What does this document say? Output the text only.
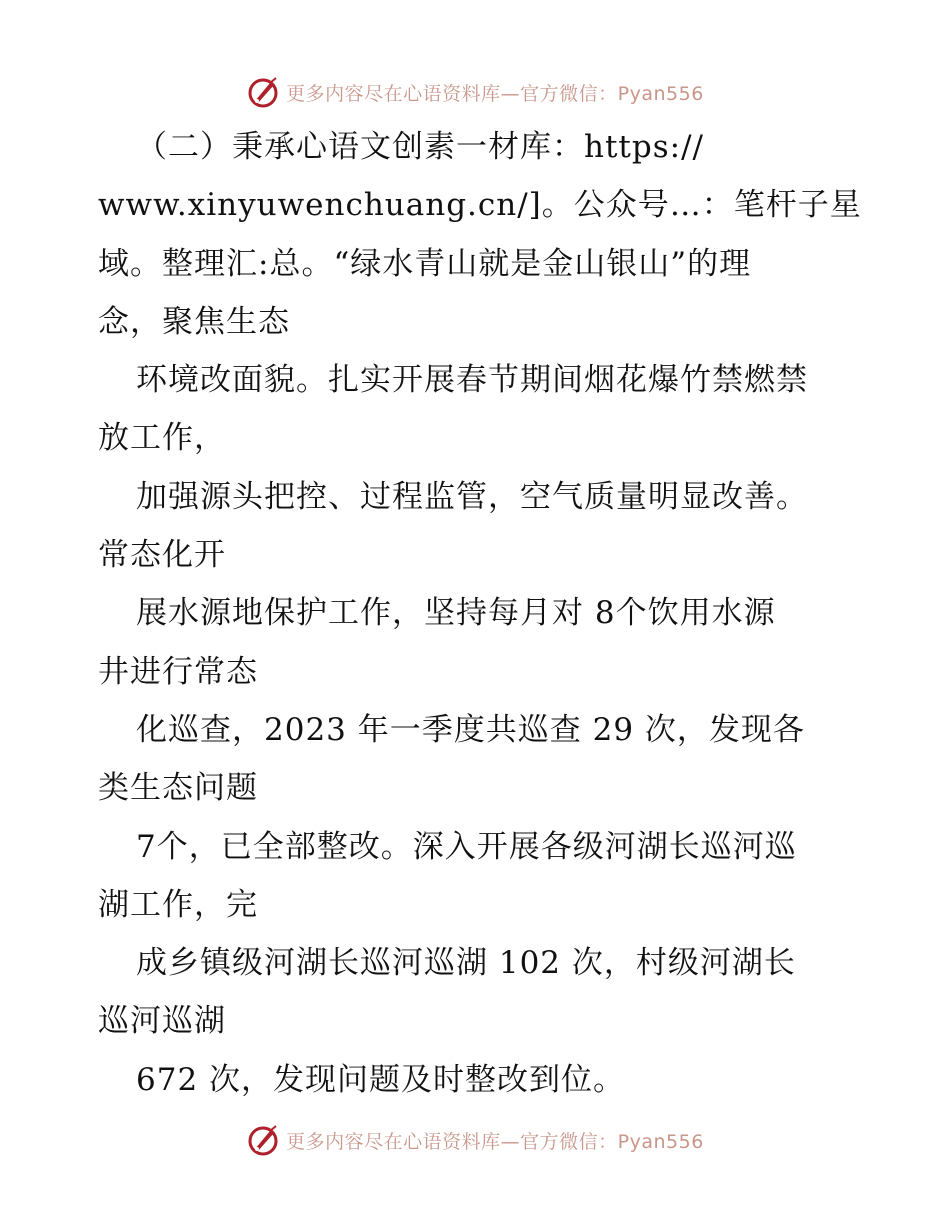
更多内容尽在心语资料库—官方微信：Pyan556
（二）秉承心语文创素一材库：https://
www.xinyuwenchuang.cn/]。公众号…：笔杆子星
域。整理汇:总。“绿水青山就是金山银山”的理
念，聚焦生态
环境改面貌。扎实开展春节期间烟花爆竹禁燃禁
放工作，
加强源头把控、过程监管，空气质量明显改善。
常态化开
展水源地保护工作，坚持每月对 8个饮用水源
井进行常态
化巡查，2023 年一季度共巡查 29 次，发现各
类生态问题
7个，已全部整改。深入开展各级河湖长巡河巡
湖工作，完
成乡镇级河湖长巡河巡湖 102 次，村级河湖长
巡河巡湖
672 次，发现问题及时整改到位。
更多内容尽在心语资料库—官方微信：Pyan556
